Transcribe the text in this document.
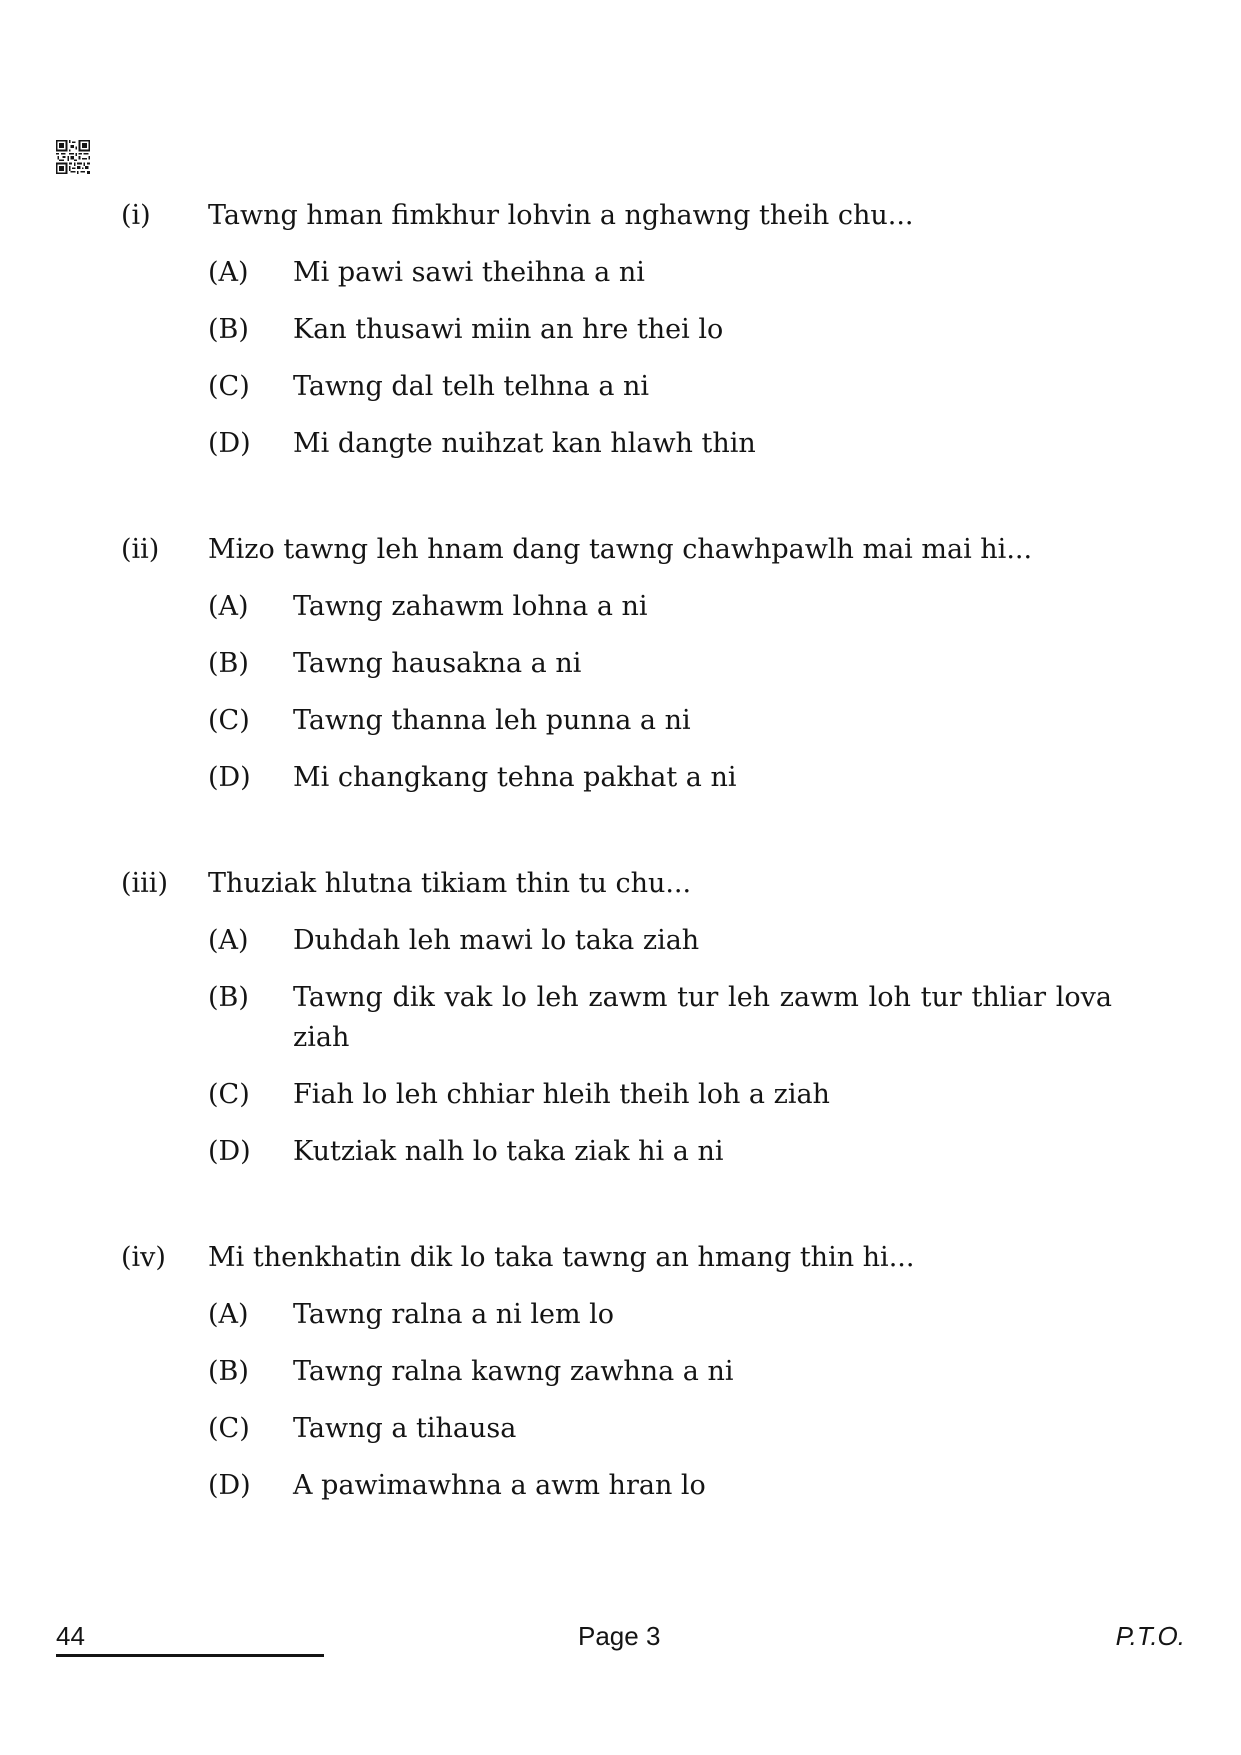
(i)	Tawng hman fimkhur lohvin a nghawng theih chu...
(A)	Mi pawi sawi theihna a ni
(B)	Kan thusawi miin an hre thei lo
(C)	Tawng dal telh telhna a ni
(D)	Mi dangte nuihzat kan hlawh thin
(ii)	Mizo tawng leh hnam dang tawng chawhpawlh mai mai hi...
(A)	Tawng zahawm lohna a ni
(B)	Tawng hausakna a ni
(C)	Tawng thanna leh punna a ni
(D)	Mi changkang tehna pakhat a ni
(iii)	Thuziak hlutna tikiam thin tu chu...
(A)	Duhdah leh mawi lo taka ziah
(B)	Tawng dik vak lo leh zawm tur leh zawm loh tur thliar lova ziah
(C)	Fiah lo leh chhiar hleih theih loh a ziah
(D)	Kutziak nalh lo taka ziak hi a ni
(iv)	Mi thenkhatin dik lo taka tawng an hmang thin hi...
(A)	Tawng ralna a ni lem lo
(B)	Tawng ralna kawng zawhna a ni
(C)	Tawng a tihausa
(D)	A pawimawhna a awm hran lo
44	Page 3	P.T.O.
